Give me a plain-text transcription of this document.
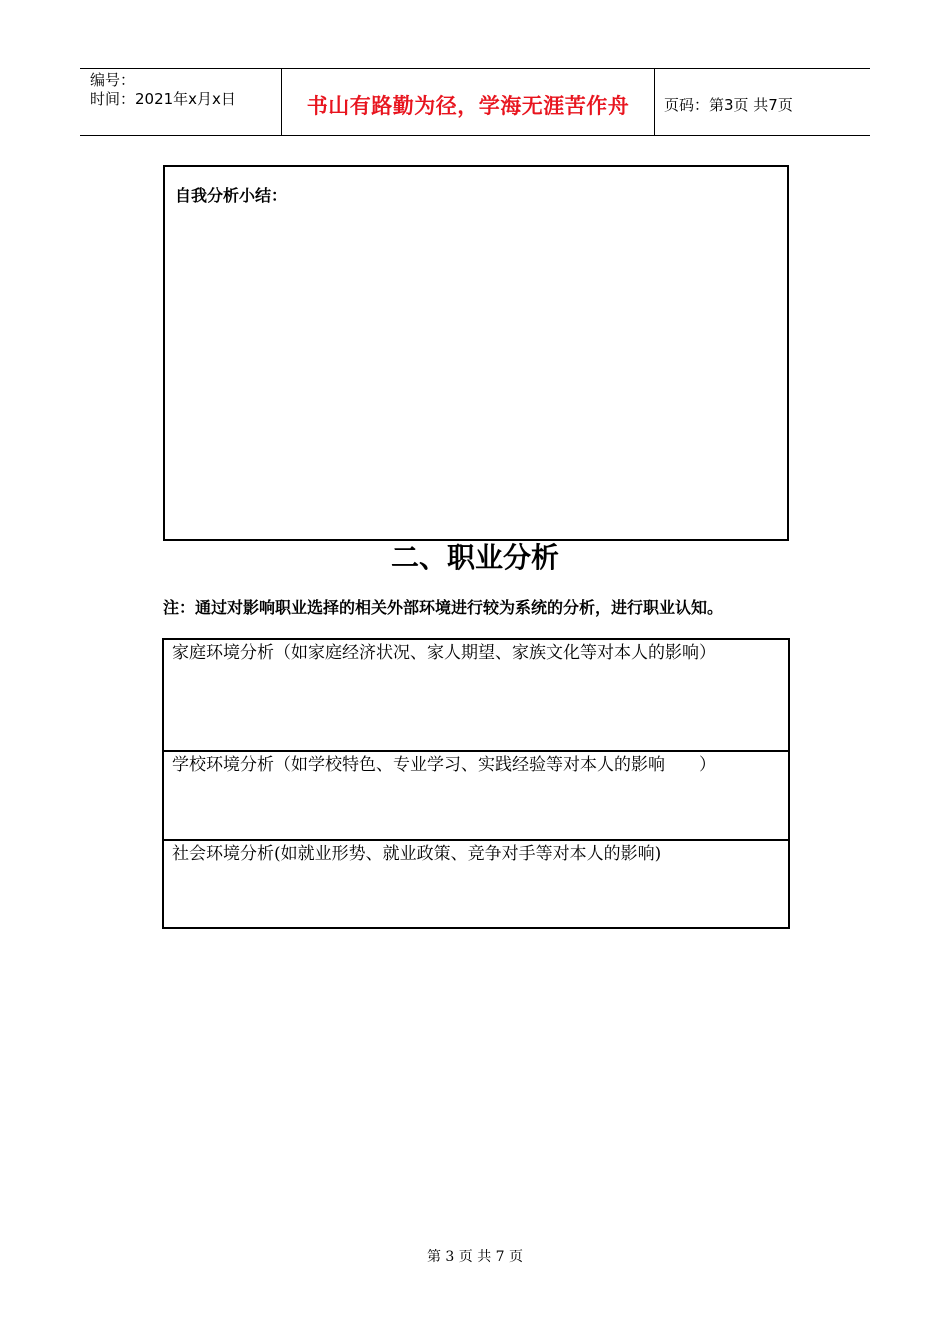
编号：
时间：2021年x月x日	书山有路勤为径，学海无涯苦作舟	页码：第3页 共7页
自我分析小结：
二、职业分析
注：通过对影响职业选择的相关外部环境进行较为系统的分析，进行职业认知。
家庭环境分析（如家庭经济状况、家人期望、家族文化等对本人的影响）
学校环境分析（如学校特色、专业学习、实践经验等对本人的影响　　）
社会环境分析(如就业形势、就业政策、竞争对手等对本人的影响)
第 3 页 共 7 页
